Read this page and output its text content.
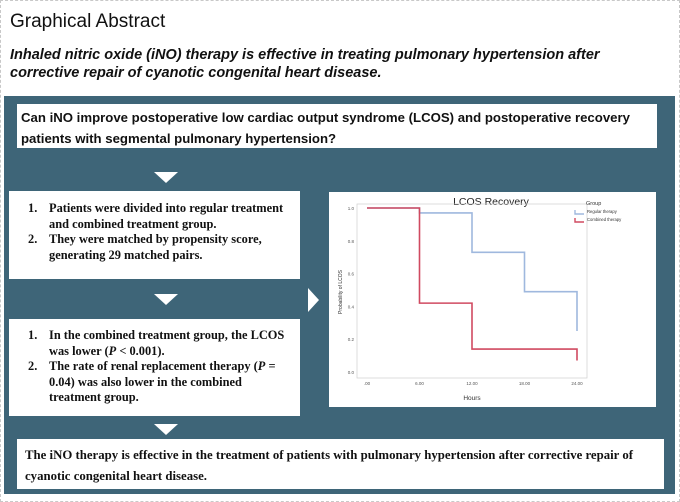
Graphical Abstract
Inhaled nitric oxide (iNO) therapy is effective in treating pulmonary hypertension after corrective repair of cyanotic congenital heart disease.
Can iNO improve postoperative low cardiac output syndrome (LCOS) and postoperative recovery patients with segmental pulmonary hypertension?
1. Patients were divided into regular treatment and combined treatment group.
2. They were matched by propensity score, generating 29 matched pairs.
1. In the combined treatment group, the LCOS was lower (P < 0.001).
2. The rate of renal replacement therapy (P = 0.04) was also lower in the combined treatment group.
LCOS Recovery
0.0
0.2
0.4
0.6
0.8
1.0
.00	6.00	12.00	18.00	24.00
Hours
Probability of LCOS
Group
Regular therapy
Combined therapy
The iNO therapy is effective in the treatment of patients with pulmonary hypertension after corrective repair of cyanotic congenital heart disease.
